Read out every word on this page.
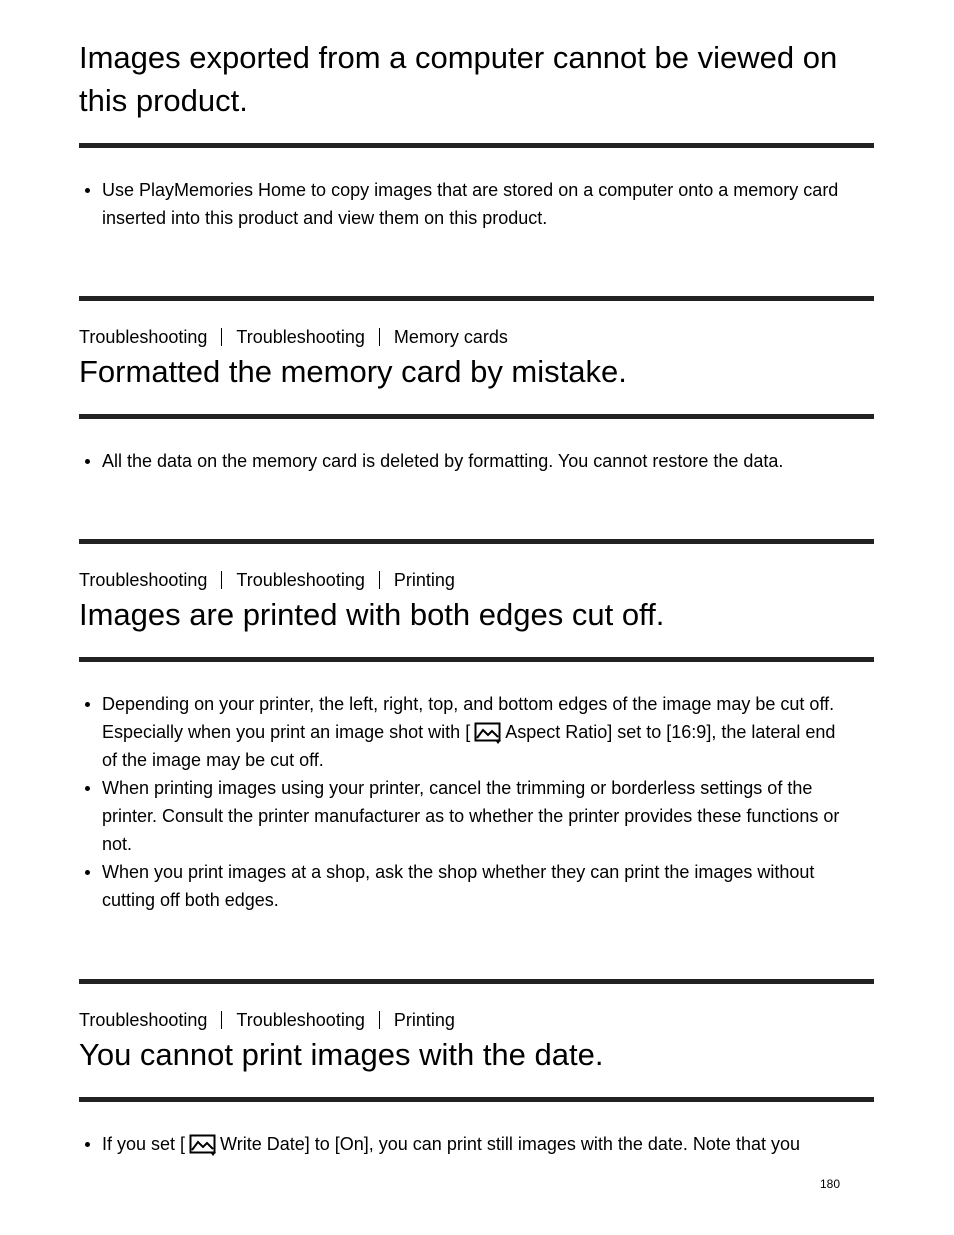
Images exported from a computer cannot be viewed on
this product.
Use PlayMemories Home to copy images that are stored on a computer onto a memory card
inserted into this product and view them on this product.
Troubleshooting Troubleshooting Memory cards
Formatted the memory card by mistake.
All the data on the memory card is deleted by formatting. You cannot restore the data.
Troubleshooting Troubleshooting Printing
Images are printed with both edges cut off.
Depending on your printer, the left, right, top, and bottom edges of the image may be cut off.
Especially when you print an image shot with [ Aspect Ratio] set to [16:9], the lateral end
of the image may be cut off.
When printing images using your printer, cancel the trimming or borderless settings of the
printer. Consult the printer manufacturer as to whether the printer provides these functions or
not.
When you print images at a shop, ask the shop whether they can print the images without
cutting off both edges.
Troubleshooting Troubleshooting Printing
You cannot print images with the date.
If you set [ Write Date] to [On], you can print still images with the date. Note that you
180
